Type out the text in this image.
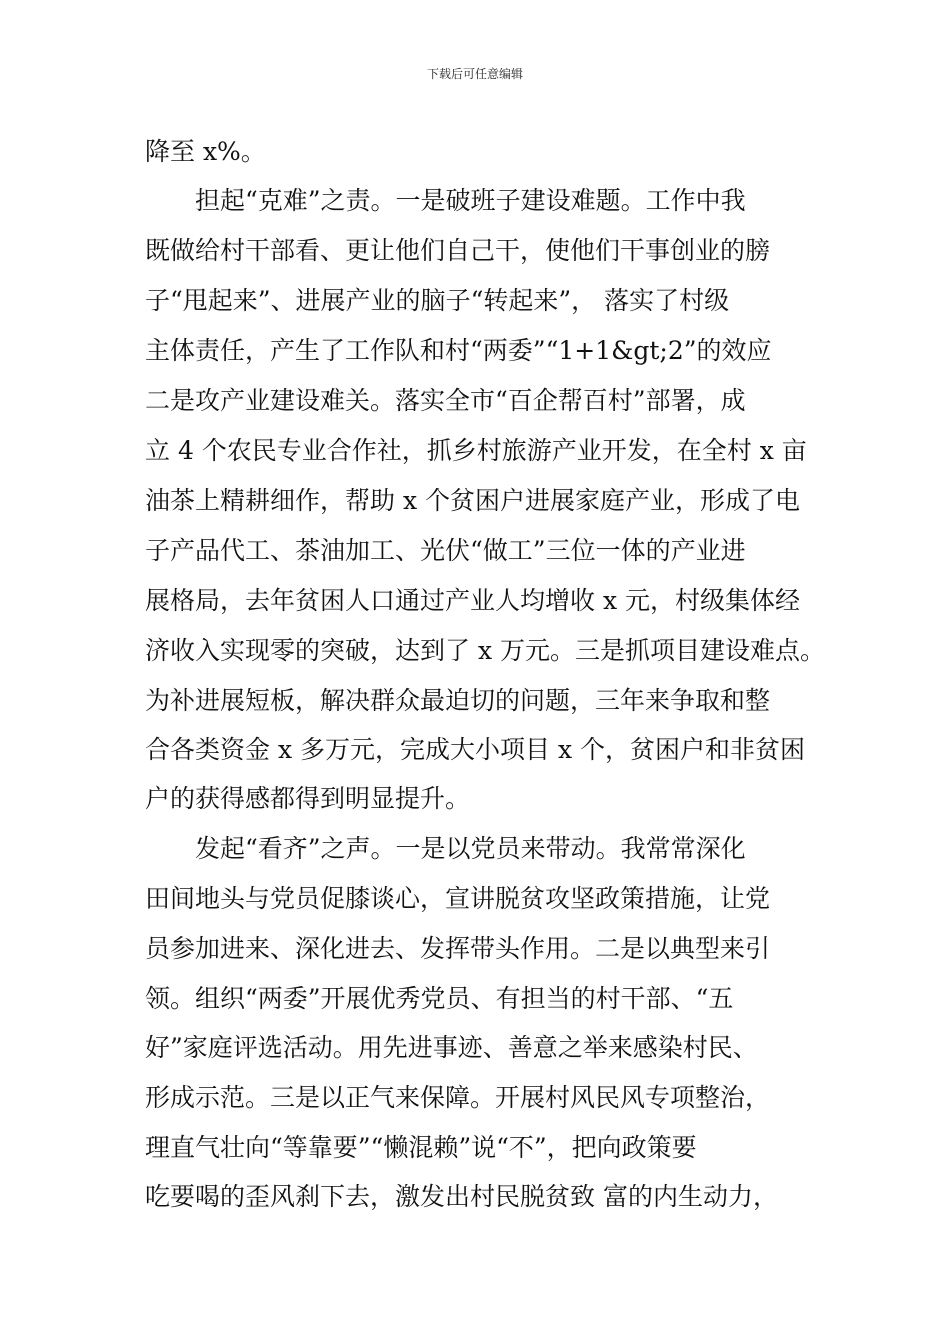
下载后可任意编辑
降至 x%。
担起“克难”之责。一是破班子建设难题。工作中我
既做给村干部看、更让他们自己干，使他们干事创业的膀
子“甩起来”、进展产业的脑子“转起来”， 落实了村级
主体责任，产生了工作队和村“两委”“1+1&gt;2”的效应
二是攻产业建设难关。落实全市“百企帮百村”部署，成
立 4 个农民专业合作社，抓乡村旅游产业开发，在全村 x 亩
油茶上精耕细作，帮助 x 个贫困户进展家庭产业，形成了电
子产品代工、茶油加工、光伏“做工”三位一体的产业进
展格局，去年贫困人口通过产业人均增收 x 元，村级集体经
济收入实现零的突破，达到了 x 万元。三是抓项目建设难点。
为补进展短板，解决群众最迫切的问题，三年来争取和整
合各类资金 x 多万元，完成大小项目 x 个，贫困户和非贫困
户的获得感都得到明显提升。
发起“看齐”之声。一是以党员来带动。我常常深化
田间地头与党员促膝谈心，宣讲脱贫攻坚政策措施，让党
员参加进来、深化进去、发挥带头作用。二是以典型来引
领。组织“两委”开展优秀党员、有担当的村干部、“五
好”家庭评选活动。用先进事迹、善意之举来感染村民、
形成示范。三是以正气来保障。开展村风民风专项整治，
理直气壮向“等靠要”“懒混赖”说“不”，把向政策要
吃要喝的歪风刹下去，激发出村民脱贫致 富的内生动力，
